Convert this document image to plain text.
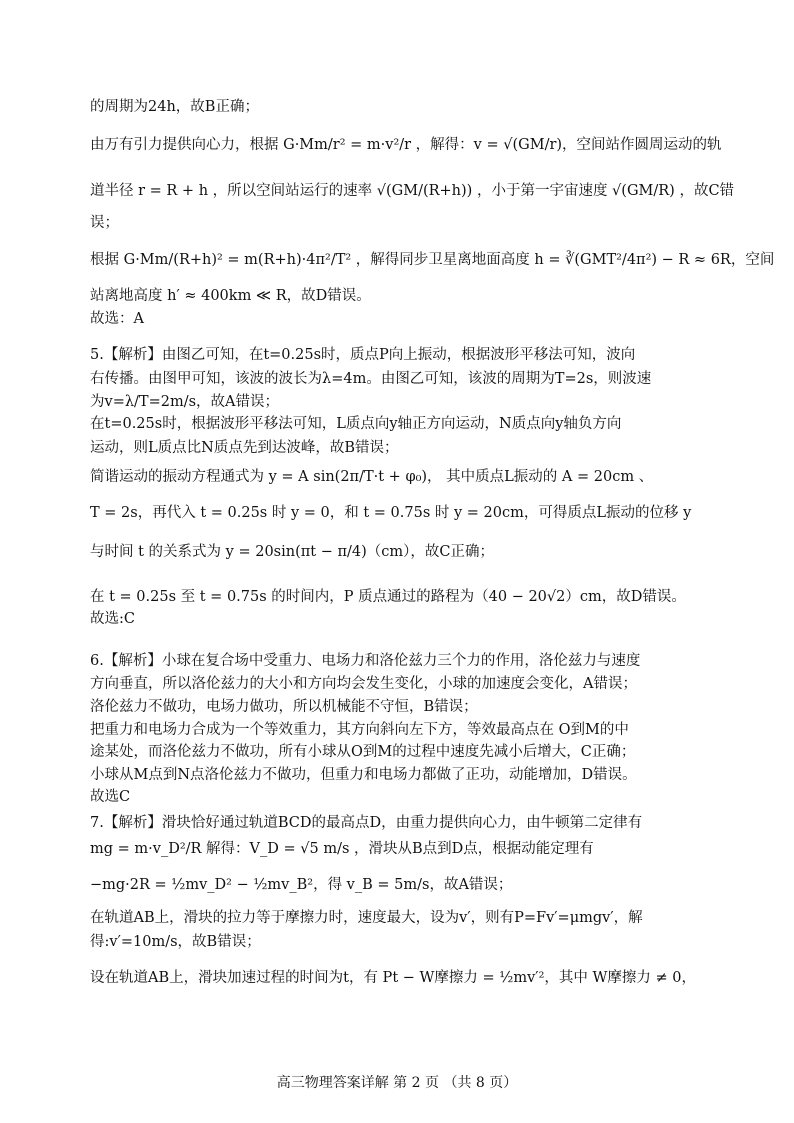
的周期为24h，故B正确；
由万有引力提供向心力，根据 G·Mm/r² = m·v²/r ，解得：v = √(GM/r)，空间站作圆周运动的轨
道半径 r = R + h ，所以空间站运行的速率 √(GM/(R+h)) ，小于第一宇宙速度 √(GM/R) ，故C错
误；
根据 G·Mm/(R+h)² = m(R+h)·4π²/T² ，解得同步卫星离地面高度 h = ∛(GMT²/4π²) − R ≈ 6R，空间
站离地高度 h′ ≈ 400km ≪ R，故D错误。
故选：A
5.【解析】由图乙可知，在t=0.25s时，质点P向上振动，根据波形平移法可知，波向
右传播。由图甲可知，该波的波长为λ=4m。由图乙可知，该波的周期为T=2s，则波速
为v=λ/T=2m/s，故A错误；
在t=0.25s时，根据波形平移法可知，L质点向y轴正方向运动，N质点向y轴负方向
运动，则L质点比N质点先到达波峰，故B错误；
简谐运动的振动方程通式为 y = A sin(2π/T·t + φ₀)， 其中质点L振动的 A = 20cm 、
T = 2s，再代入 t = 0.25s 时 y = 0，和 t = 0.75s 时 y = 20cm，可得质点L振动的位移 y
与时间 t 的关系式为 y = 20sin(πt − π/4)（cm），故C正确；
在 t = 0.25s 至 t = 0.75s 的时间内，P 质点通过的路程为（40 − 20√2）cm，故D错误。
故选:C
6.【解析】小球在复合场中受重力、电场力和洛伦兹力三个力的作用，洛伦兹力与速度
方向垂直，所以洛伦兹力的大小和方向均会发生变化，小球的加速度会变化，A错误；
洛伦兹力不做功，电场力做功，所以机械能不守恒，B错误；
把重力和电场力合成为一个等效重力，其方向斜向左下方，等效最高点在 O到M的中
途某处，而洛伦兹力不做功，所有小球从O到M的过程中速度先减小后增大，C正确；
小球从M点到N点洛伦兹力不做功，但重力和电场力都做了正功，动能增加，D错误。
故选C
7.【解析】滑块恰好通过轨道BCD的最高点D，由重力提供向心力，由牛顿第二定律有
mg = m·v_D²/R 解得：V_D = √5 m/s ，滑块从B点到D点，根据动能定理有
−mg·2R = ½mv_D² − ½mv_B²，得 v_B = 5m/s，故A错误；
在轨道AB上，滑块的拉力等于摩擦力时，速度最大，设为v′，则有P=Fv′=μmgv′，解
得:v′=10m/s，故B错误；
设在轨道AB上，滑块加速过程的时间为t，有 Pt − W摩擦力 = ½mv′²，其中 W摩擦力 ≠ 0，
高三物理答案详解 第 2 页 （共 8 页）
